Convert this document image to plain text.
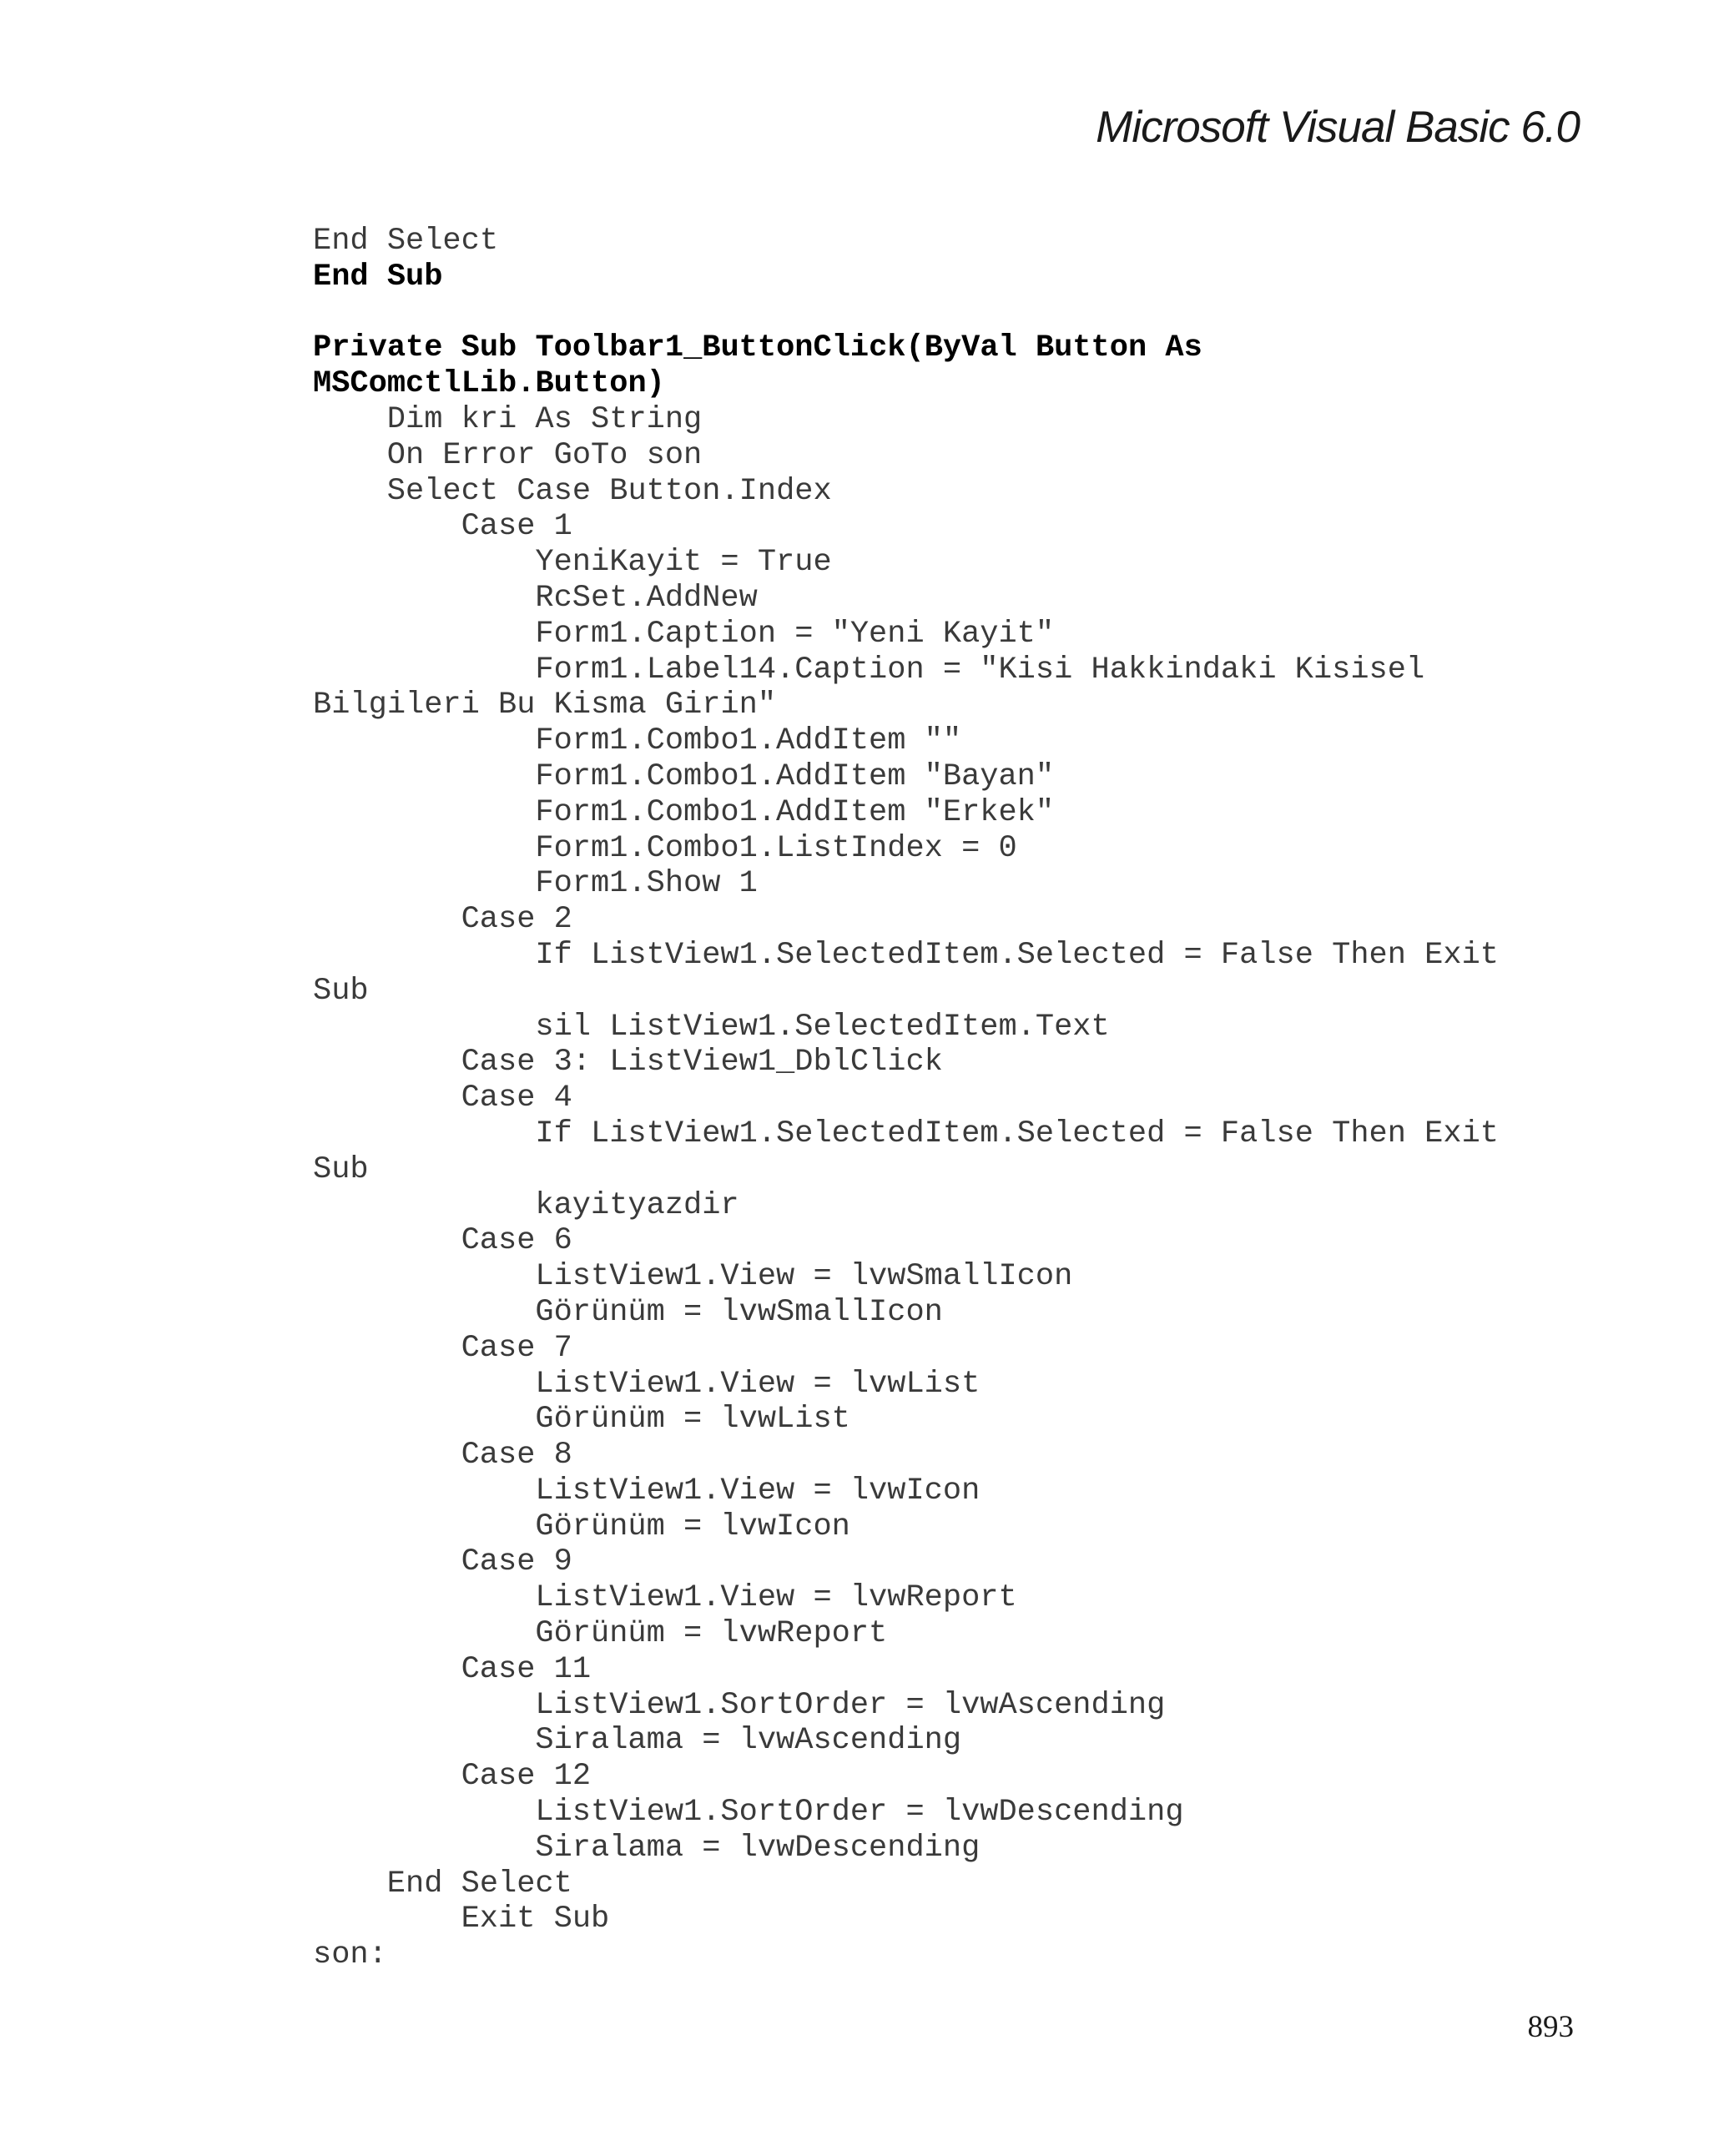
Microsoft Visual Basic 6.0
End Select
End Sub
Private Sub Toolbar1_ButtonClick(ByVal Button As
MSComctlLib.Button)
Dim kri As String
On Error GoTo son
Select Case Button.Index
Case 1
YeniKayit = True
RcSet.AddNew
Form1.Caption = "Yeni Kayit"
Form1.Label14.Caption = "Kisi Hakkindaki Kisisel
Bilgileri Bu Kisma Girin"
Form1.Combo1.AddItem ""
Form1.Combo1.AddItem "Bayan"
Form1.Combo1.AddItem "Erkek"
Form1.Combo1.ListIndex = 0
Form1.Show 1
Case 2
If ListView1.SelectedItem.Selected = False Then Exit
Sub
sil ListView1.SelectedItem.Text
Case 3: ListView1_DblClick
Case 4
If ListView1.SelectedItem.Selected = False Then Exit
Sub
kayityazdir
Case 6
ListView1.View = lvwSmallIcon
Görünüm = lvwSmallIcon
Case 7
ListView1.View = lvwList
Görünüm = lvwList
Case 8
ListView1.View = lvwIcon
Görünüm = lvwIcon
Case 9
ListView1.View = lvwReport
Görünüm = lvwReport
Case 11
ListView1.SortOrder = lvwAscending
Siralama = lvwAscending
Case 12
ListView1.SortOrder = lvwDescending
Siralama = lvwDescending
End Select
Exit Sub
son:
893
